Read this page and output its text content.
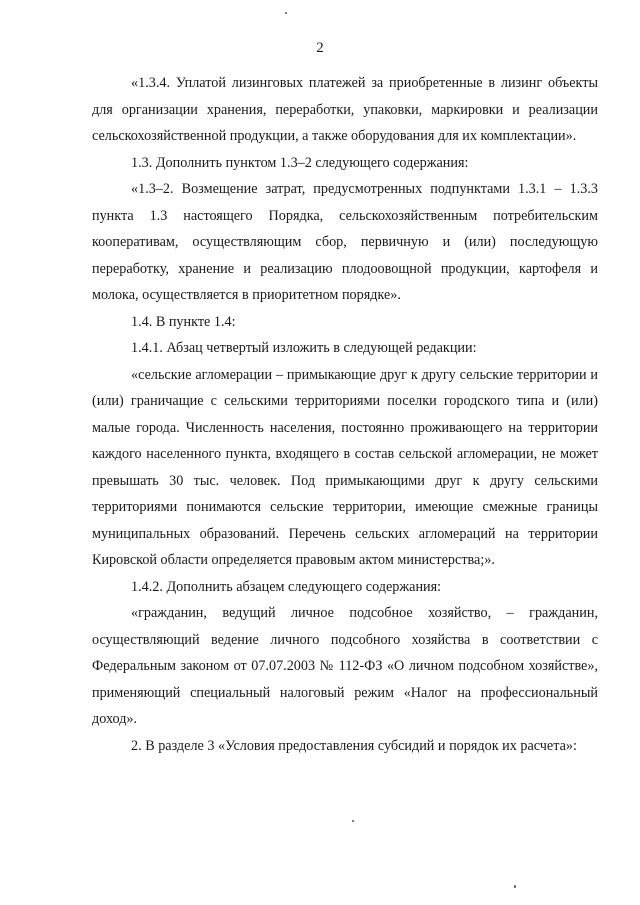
2

«1.3.4. Уплатой лизинговых платежей за приобретенные в лизинг объекты для организации хранения, переработки, упаковки, маркировки и реализации сельскохозяйственной продукции, а также оборудования для их комплектации».

1.3. Дополнить пунктом 1.3–2 следующего содержания:

«1.3–2. Возмещение затрат, предусмотренных подпунктами 1.3.1 – 1.3.3 пункта 1.3 настоящего Порядка, сельскохозяйственным потребительским кооперативам, осуществляющим сбор, первичную и (или) последующую переработку, хранение и реализацию плодоовощной продукции, картофеля и молока, осуществляется в приоритетном порядке».

1.4. В пункте 1.4:

1.4.1. Абзац четвертый изложить в следующей редакции:

«сельские агломерации – примыкающие друг к другу сельские территории и (или) граничащие с сельскими территориями поселки городского типа и (или) малые города. Численность населения, постоянно проживающего на территории каждого населенного пункта, входящего в состав сельской агломерации, не может превышать 30 тыс. человек. Под примыкающими друг к другу сельскими территориями понимаются сельские территории, имеющие смежные границы муниципальных образований. Перечень сельских агломераций на территории Кировской области определяется правовым актом министерства;».

1.4.2. Дополнить абзацем следующего содержания:

«гражданин, ведущий личное подсобное хозяйство, – гражданин, осуществляющий ведение личного подсобного хозяйства в соответствии с Федеральным законом от 07.07.2003 № 112-ФЗ «О личном подсобном хозяйстве», применяющий специальный налоговый режим «Налог на профессиональный доход».

2. В разделе 3 «Условия предоставления субсидий и порядок их расчета»:
